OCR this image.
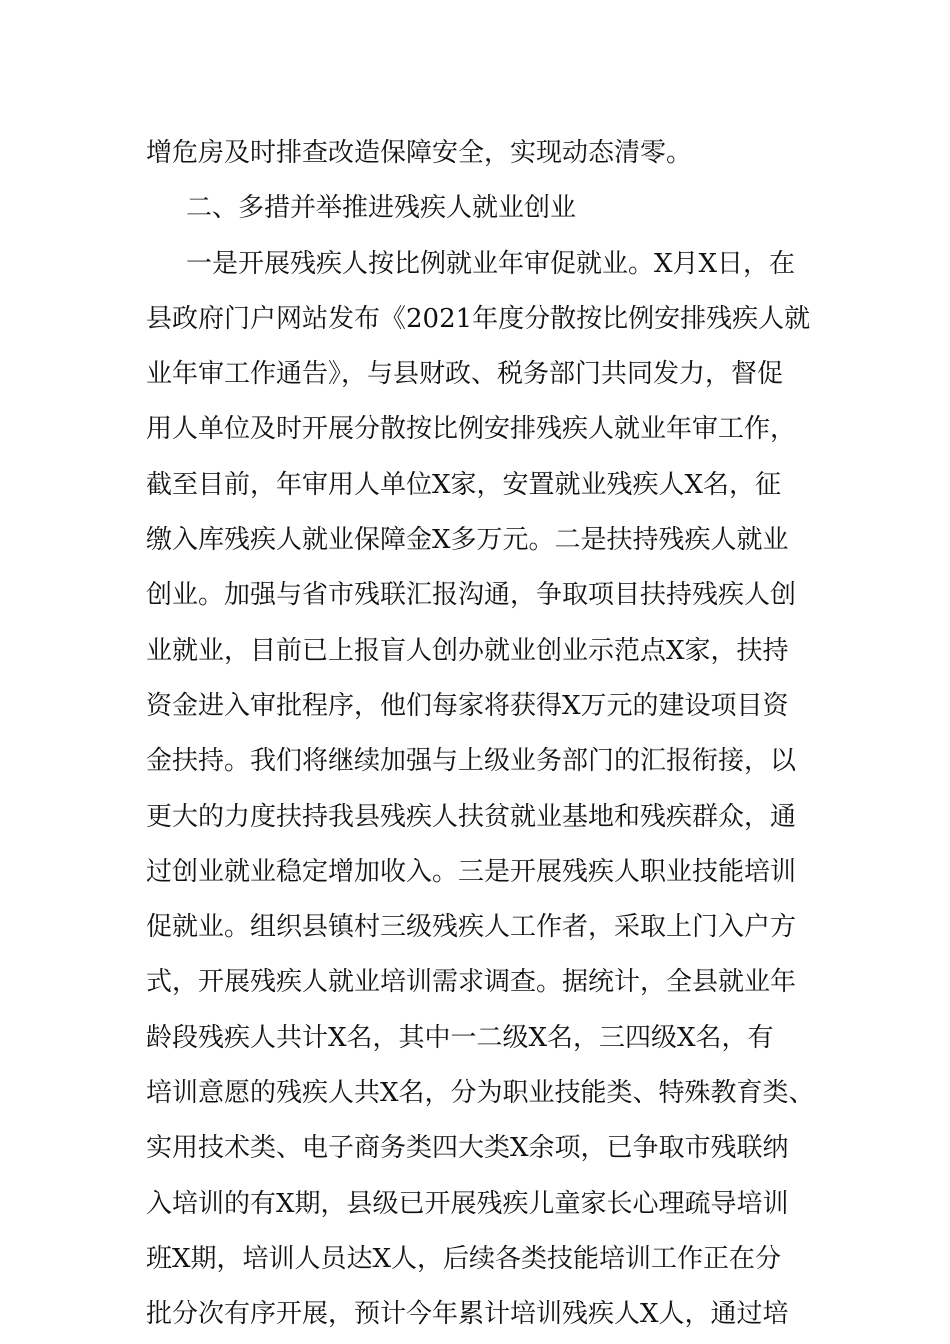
增危房及时排查改造保障安全，实现动态清零。
二、多措并举推进残疾人就业创业
一是开展残疾人按比例就业年审促就业。X月X日，在
县政府门户网站发布《2021年度分散按比例安排残疾人就
业年审工作通告》，与县财政、税务部门共同发力，督促
用人单位及时开展分散按比例安排残疾人就业年审工作，
截至目前，年审用人单位X家，安置就业残疾人X名，征
缴入库残疾人就业保障金X多万元。二是扶持残疾人就业
创业。加强与省市残联汇报沟通，争取项目扶持残疾人创
业就业，目前已上报盲人创办就业创业示范点X家，扶持
资金进入审批程序，他们每家将获得X万元的建设项目资
金扶持。我们将继续加强与上级业务部门的汇报衔接，以
更大的力度扶持我县残疾人扶贫就业基地和残疾群众，通
过创业就业稳定增加收入。三是开展残疾人职业技能培训
促就业。组织县镇村三级残疾人工作者，采取上门入户方
式，开展残疾人就业培训需求调查。据统计，全县就业年
龄段残疾人共计X名，其中一二级X名，三四级X名，有
培训意愿的残疾人共X名，分为职业技能类、特殊教育类、
实用技术类、电子商务类四大类X余项，已争取市残联纳
入培训的有X期，县级已开展残疾儿童家长心理疏导培训
班X期，培训人员达X人，后续各类技能培训工作正在分
批分次有序开展，预计今年累计培训残疾人X人，通过培
